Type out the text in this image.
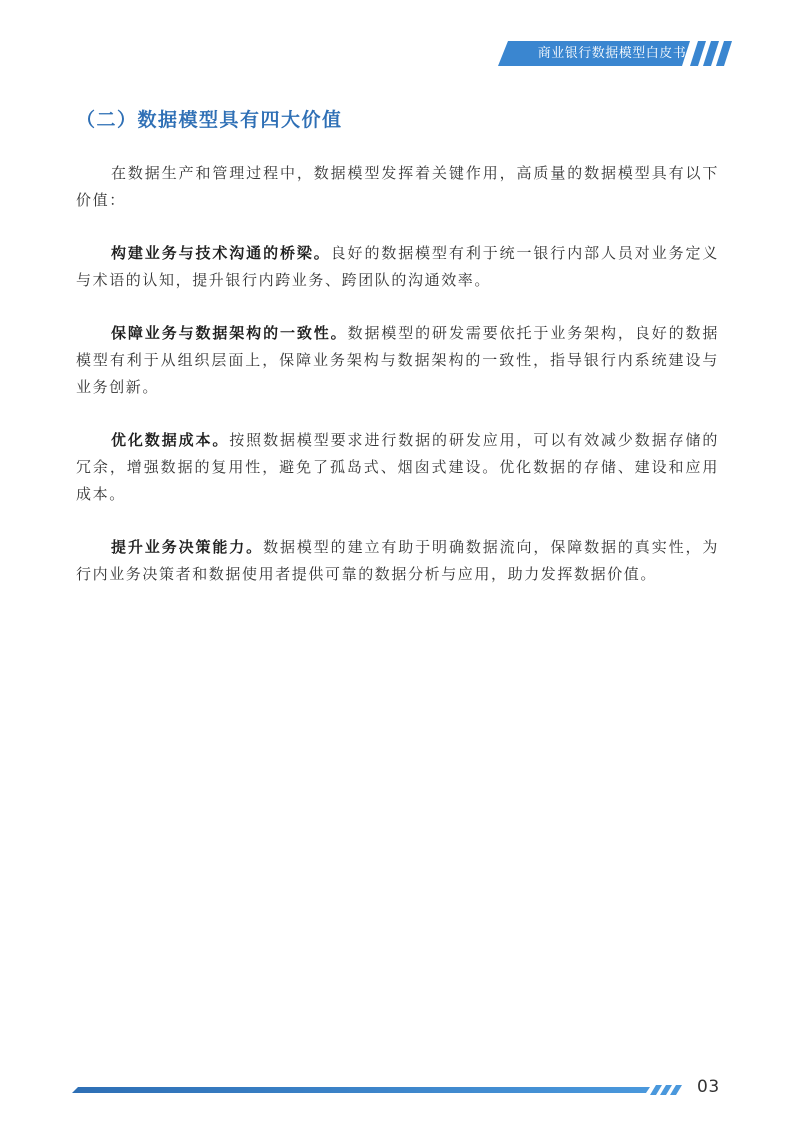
商业银行数据模型白皮书
（二）数据模型具有四大价值

在数据生产和管理过程中，数据模型发挥着关键作用，高质量的数据模型具有以下价值：

构建业务与技术沟通的桥梁。良好的数据模型有利于统一银行内部人员对业务定义与术语的认知，提升银行内跨业务、跨团队的沟通效率。

保障业务与数据架构的一致性。数据模型的研发需要依托于业务架构，良好的数据模型有利于从组织层面上，保障业务架构与数据架构的一致性，指导银行内系统建设与业务创新。

优化数据成本。按照数据模型要求进行数据的研发应用，可以有效减少数据存储的冗余，增强数据的复用性，避免了孤岛式、烟囱式建设。优化数据的存储、建设和应用成本。

提升业务决策能力。数据模型的建立有助于明确数据流向，保障数据的真实性，为行内业务决策者和数据使用者提供可靠的数据分析与应用，助力发挥数据价值。

03
